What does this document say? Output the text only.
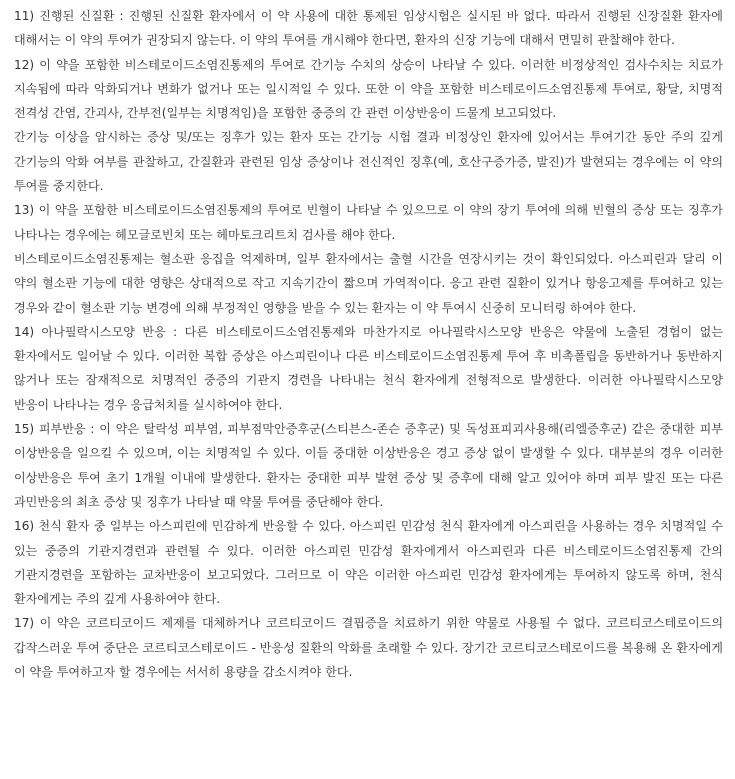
11) 진행된 신질환 : 진행된 신질환 환자에서 이 약 사용에 대한 통제된 임상시험은 실시된 바 없다. 따라서 진행된 신장질환 환자에 대해서는 이 약의 투여가 권장되지 않는다. 이 약의 투여를 개시해야 한다면, 환자의 신장 기능에 대해서 면밀히 관찰해야 한다.

12) 이 약을 포함한 비스테로이드소염진통제의 투여로 간기능 수치의 상승이 나타날 수 있다. 이러한 비정상적인 검사수치는 치료가 지속됨에 따라 악화되거나 변화가 없거나 또는 일시적일 수 있다. 또한 이 약을 포함한 비스테로이드소염진통제 투여로, 황달, 치명적 전격성 간염, 간괴사, 간부전(일부는 치명적임)을 포함한 중증의 간 관련 이상반응이 드물게 보고되었다.

간기능 이상을 암시하는 증상 및/또는 징후가 있는 환자 또는 간기능 시험 결과 비정상인 환자에 있어서는 투여기간 동안 주의 깊게 간기능의 악화 여부를 관찰하고, 간질환과 관련된 임상 증상이나 전신적인 징후(예, 호산구증가증, 발진)가 발현되는 경우에는 이 약의 투여를 중지한다.

13) 이 약을 포함한 비스테로이드소염진통제의 투여로 빈혈이 나타날 수 있으므로 이 약의 장기 투여에 의해 빈혈의 증상 또는 징후가 나타나는 경우에는 헤모글로빈치 또는 헤마토크리트치 검사를 해야 한다.

비스테로이드소염진통제는 혈소판 응집을 억제하며, 일부 환자에서는 출혈 시간을 연장시키는 것이 확인되었다. 아스피린과 달리 이 약의 혈소판 기능에 대한 영향은 상대적으로 작고 지속기간이 짧으며 가역적이다. 응고 관련 질환이 있거나 항응고제를 투여하고 있는 경우와 같이 혈소판 기능 변경에 의해 부정적인 영향을 받을 수 있는 환자는 이 약 투여시 신중히 모니터링 하여야 한다.

14) 아나필락시스모양 반응 : 다른 비스테로이드소염진통제와 마찬가지로 아나필락시스모양 반응은 약물에 노출된 경험이 없는 환자에서도 일어날 수 있다. 이러한 복합 증상은 아스피린이나 다른 비스테로이드소염진통제 투여 후 비촉폴립을 동반하거나 동반하지 않거나 또는 잠재적으로 치명적인 중증의 기관지 경련을 나타내는 천식 환자에게 전형적으로 발생한다. 이러한 아나필락시스모양 반응이 나타나는 경우 응급처치를 실시하여야 한다.

15) 피부반응 : 이 약은 탈락성 피부염, 피부점막안증후군(스티븐스-존슨 증후군) 및 독성표피괴사용해(리엘증후군) 같은 중대한 피부 이상반응을 일으킬 수 있으며, 이는 치명적일 수 있다. 이들 중대한 이상반응은 경고 증상 없이 발생할 수 있다. 대부분의 경우 이러한 이상반응은 투여 초기 1개월 이내에 발생한다. 환자는 중대한 피부 발현 증상 및 증후에 대해 알고 있어야 하며 피부 발진 또는 다른 과민반응의 최초 증상 및 징후가 나타날 때 약물 투여를 중단해야 한다.

16) 천식 환자 중 일부는 아스피린에 민감하게 반응할 수 있다. 아스피린 민감성 천식 환자에게 아스피린을 사용하는 경우 치명적일 수 있는 중증의 기관지경련과 관련될 수 있다. 이러한 아스피린 민감성 환자에게서 아스피린과 다른 비스테로이드소염진통제 간의 기관지경련을 포함하는 교차반응이 보고되었다. 그러므로 이 약은 이러한 아스피린 민감성 환자에게는 투여하지 않도록 하며, 천식 환자에게는 주의 깊게 사용하여야 한다.

17) 이 약은 코르티코이드 제제를 대체하거나 코르티코이드 결핍증을 치료하기 위한 약물로 사용될 수 없다. 코르티코스테로이드의 갑작스러운 투여 중단은 코르티코스테로이드 - 반응성 질환의 악화를 초래할 수 있다. 장기간 코르티코스테로이드를 복용해 온 환자에게 이 약을 투여하고자 할 경우에는 서서히 용량을 감소시켜야 한다.
